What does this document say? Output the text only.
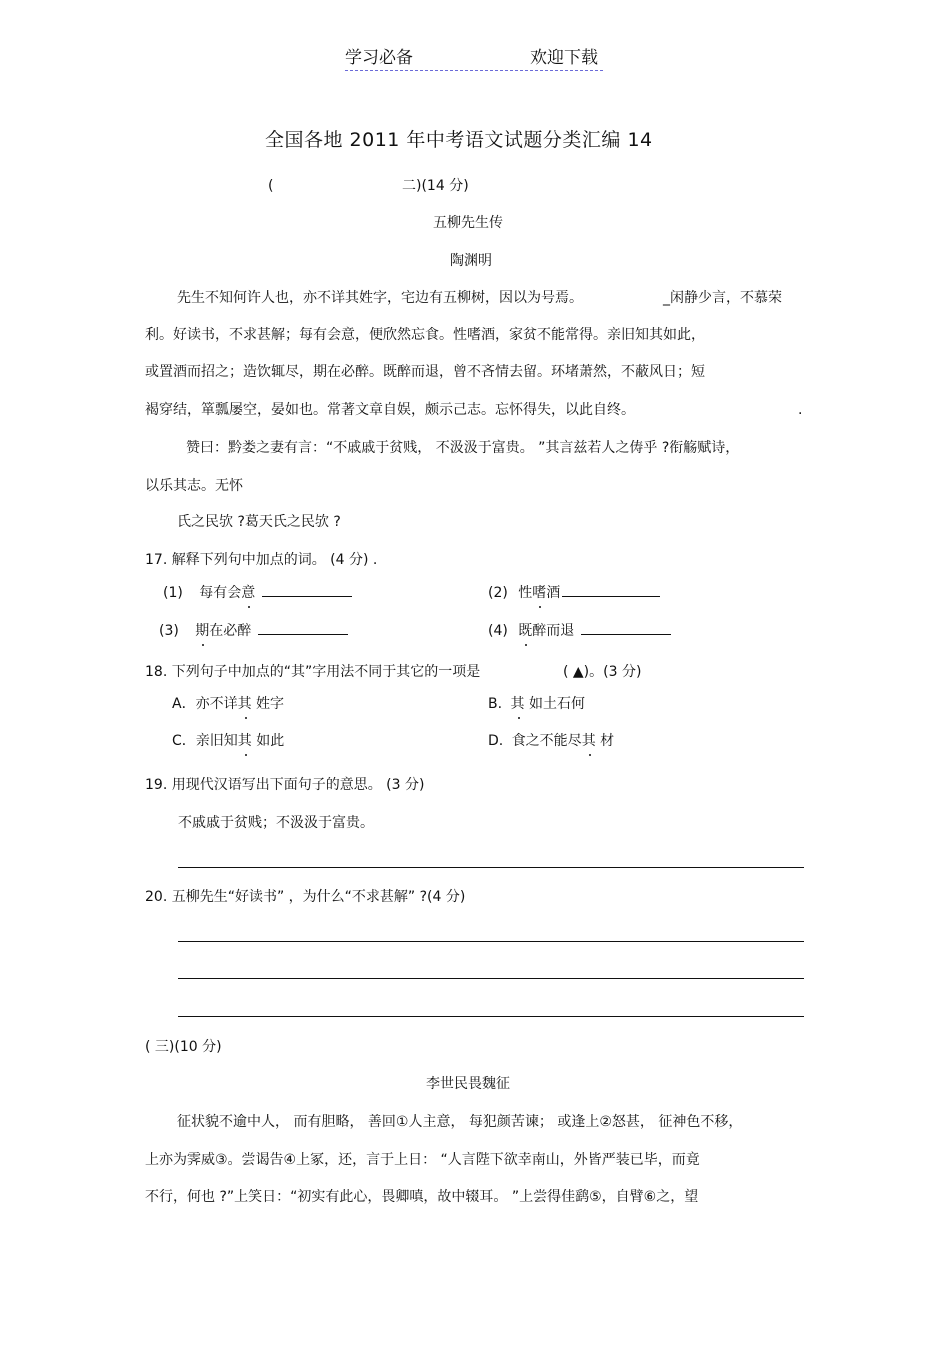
学习必备	欢迎下载
全国各地 2011 年中考语文试题分类汇编 14
(	二)(14 分)
五柳先生传
陶渊明
先生不知何许人也，亦不详其姓字，宅边有五柳树，因以为号焉。	_闲静少言，不慕荣
利。好读书，不求甚解；每有会意，便欣然忘食。性嗜酒，家贫不能常得。亲旧知其如此，
或置酒而招之；造饮辄尽，期在必醉。既醉而退，曾不吝情去留。环堵萧然，不蔽风日；短
褐穿结，箪瓢屡空，晏如也。常著文章自娱，颇示己志。忘怀得失，以此自终。	.
赞曰：黔娄之妻有言：“不戚戚于贫贱， 不汲汲于富贵。 ”其言兹若人之俦乎 ?衔觞赋诗，
以乐其志。无怀
氏之民欤 ?葛天氏之民欤 ?
17. 解释下列句中加点的词。 (4 分) .
(1) 每有会意	(2) 性嗜酒
(3) 期在必醉	(4) 既醉而退
18. 下列句子中加点的“其”字用法不同于其它的一项是	( ▲)。(3 分)
A．亦不详其 姓字	B. 其 如土石何
C．亲旧知其 如此	D. 食之不能尽其 材
19. 用现代汉语写出下面句子的意思。 (3 分)
不戚戚于贫贱；不汲汲于富贵。
20. 五柳先生“好读书” ，为什么“不求甚解” ?(4 分)
( 三)(10 分)
李世民畏魏征
征状貌不逾中人， 而有胆略， 善回①人主意， 每犯颜苦谏； 或逢上②怒甚， 征神色不移，
上亦为霁威③。尝谒告④上冢，还，言于上日： “人言陛下欲幸南山，外皆严装已毕，而竟
不行，何也 ?”上笑日：“初实有此心，畏卿嗔，故中辍耳。 ”上尝得佳鹞⑤，自臂⑥之，望
